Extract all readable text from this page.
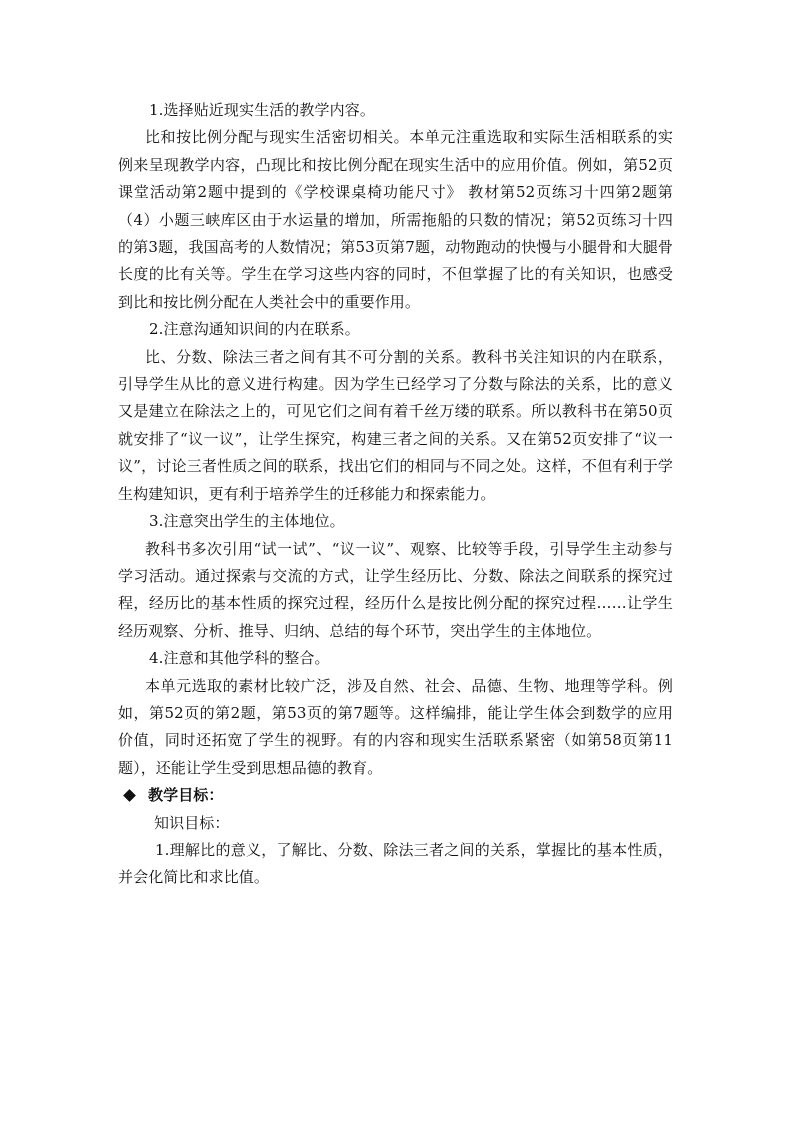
1.选择贴近现实生活的教学内容。

比和按比例分配与现实生活密切相关。本单元注重选取和实际生活相联系的实例来呈现教学内容，凸现比和按比例分配在现实生活中的应用价值。例如，第52页课堂活动第2题中提到的《学校课桌椅功能尺寸》 教材第52页练习十四第2题第（4）小题三峡库区由于水运量的增加，所需拖船的只数的情况；第52页练习十四的第3题，我国高考的人数情况；第53页第7题，动物跑动的快慢与小腿骨和大腿骨长度的比有关等。学生在学习这些内容的同时，不但掌握了比的有关知识，也感受到比和按比例分配在人类社会中的重要作用。

2.注意沟通知识间的内在联系。

比、分数、除法三者之间有其不可分割的关系。教科书关注知识的内在联系，引导学生从比的意义进行构建。因为学生已经学习了分数与除法的关系，比的意义又是建立在除法之上的，可见它们之间有着千丝万缕的联系。所以教科书在第50页就安排了“议一议”，让学生探究，构建三者之间的关系。又在第52页安排了“议一议”，讨论三者性质之间的联系，找出它们的相同与不同之处。这样，不但有利于学生构建知识，更有利于培养学生的迁移能力和探索能力。

3.注意突出学生的主体地位。

教科书多次引用“试一试”、“议一议”、观察、比较等手段，引导学生主动参与学习活动。通过探索与交流的方式，让学生经历比、分数、除法之间联系的探究过程，经历比的基本性质的探究过程，经历什么是按比例分配的探究过程……让学生经历观察、分析、推导、归纳、总结的每个环节，突出学生的主体地位。

4.注意和其他学科的整合。

本单元选取的素材比较广泛，涉及自然、社会、品德、生物、地理等学科。例如，第52页的第2题，第53页的第7题等。这样编排，能让学生体会到数学的应用价值，同时还拓宽了学生的视野。有的内容和现实生活联系紧密（如第58页第11题），还能让学生受到思想品德的教育。

教学目标：

知识目标：

1.理解比的意义，了解比、分数、除法三者之间的关系，掌握比的基本性质，并会化简比和求比值。
